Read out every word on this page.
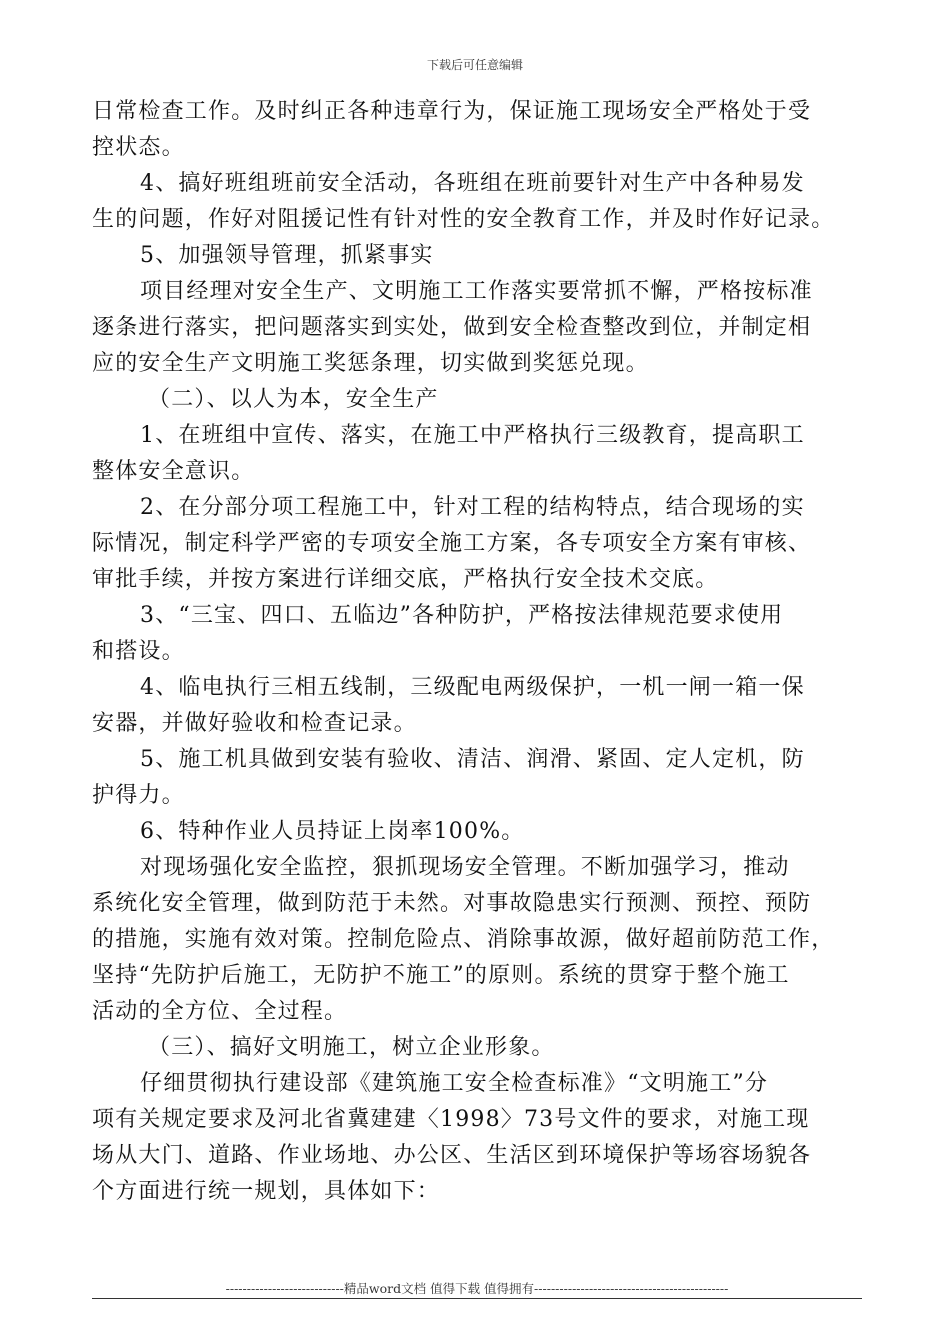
下载后可任意编辑
日常检查工作。及时纠正各种违章行为，保证施工现场安全严格处于受
控状态。
4、搞好班组班前安全活动，各班组在班前要针对生产中各种易发
生的问题，作好对阻援记性有针对性的安全教育工作，并及时作好记录。
5、加强领导管理，抓紧事实
项目经理对安全生产、文明施工工作落实要常抓不懈，严格按标准
逐条进行落实，把问题落实到实处，做到安全检查整改到位，并制定相
应的安全生产文明施工奖惩条理，切实做到奖惩兑现。
（二）、以人为本，安全生产
1、在班组中宣传、落实，在施工中严格执行三级教育，提高职工
整体安全意识。
2、在分部分项工程施工中，针对工程的结构特点，结合现场的实
际情况，制定科学严密的专项安全施工方案，各专项安全方案有审核、
审批手续，并按方案进行详细交底，严格执行安全技术交底。
3、“三宝、四口、五临边”各种防护，严格按法律规范要求使用
和搭设。
4、临电执行三相五线制，三级配电两级保护，一机一闸一箱一保
安器，并做好验收和检查记录。
5、施工机具做到安装有验收、清洁、润滑、紧固、定人定机，防
护得力。
6、特种作业人员持证上岗率100%。
对现场强化安全监控，狠抓现场安全管理。不断加强学习，推动
系统化安全管理，做到防范于未然。对事故隐患实行预测、预控、预防
的措施，实施有效对策。控制危险点、消除事故源，做好超前防范工作，
坚持“先防护后施工，无防护不施工”的原则。系统的贯穿于整个施工
活动的全方位、全过程。
（三）、搞好文明施工，树立企业形象。
仔细贯彻执行建设部《建筑施工安全检查标准》“文明施工”分
项有关规定要求及河北省冀建建〈1998〉73号文件的要求，对施工现
场从大门、道路、作业场地、办公区、生活区到环境保护等场容场貌各
个方面进行统一规划，具体如下：
----------------------------精品word文档 值得下载 值得拥有----------------------------------------------
